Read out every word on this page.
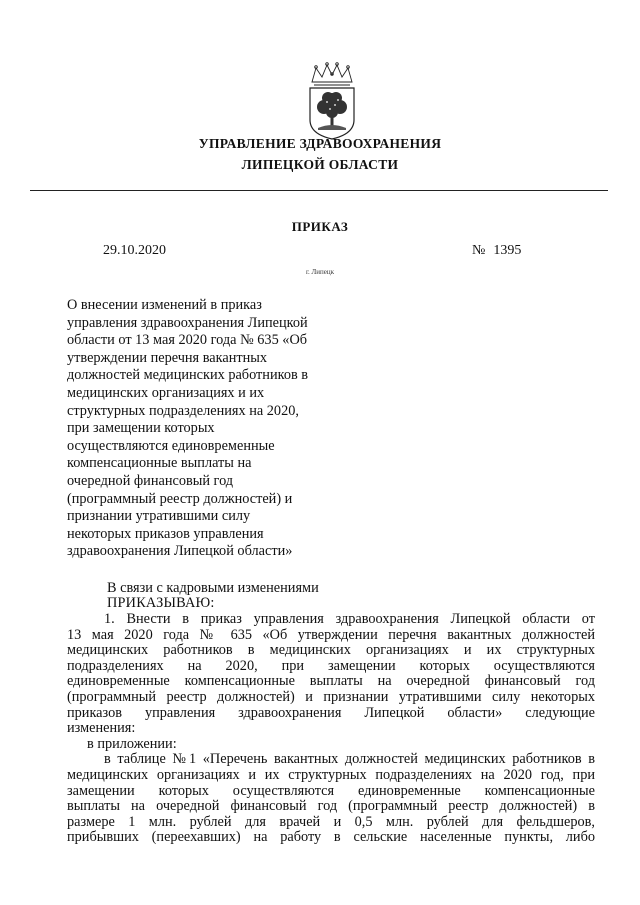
УПРАВЛЕНИЕ ЗДРАВООХРАНЕНИЯ
ЛИПЕЦКОЙ ОБЛАСТИ
ПРИКАЗ
29.10.2020	№ 1395
г. Липецк
О внесении изменений в приказ
управления здравоохранения Липецкой
области от 13 мая 2020 года № 635 «Об
утверждении перечня вакантных
должностей медицинских работников в
медицинских организациях и их
структурных подразделениях на 2020,
при замещении которых
осуществляются единовременные
компенсационные выплаты на
очередной финансовый год
(программный реестр должностей) и
признании утратившими силу
некоторых приказов управления
здравоохранения Липецкой области»
В связи с кадровыми изменениями
ПРИКАЗЫВАЮ:
1. Внести в приказ управления здравоохранения Липецкой области от
13 мая 2020 года № 635 «Об утверждении перечня вакантных должностей
медицинских работников в медицинских организациях и их структурных
подразделениях на 2020, при замещении которых осуществляются
единовременные компенсационные выплаты на очередной финансовый год
(программный реестр должностей) и признании утратившими силу некоторых
приказов управления здравоохранения Липецкой области» следующие
изменения:
в приложении:
в таблице №1 «Перечень вакантных должностей медицинских работников в
медицинских организациях и их структурных подразделениях на 2020 год, при
замещении которых осуществляются единовременные компенсационные
выплаты на очередной финансовый год (программный реестр должностей) в
размере 1 млн. рублей для врачей и 0,5 млн. рублей для фельдшеров,
прибывших (переехавших) на работу в сельские населенные пункты, либо
